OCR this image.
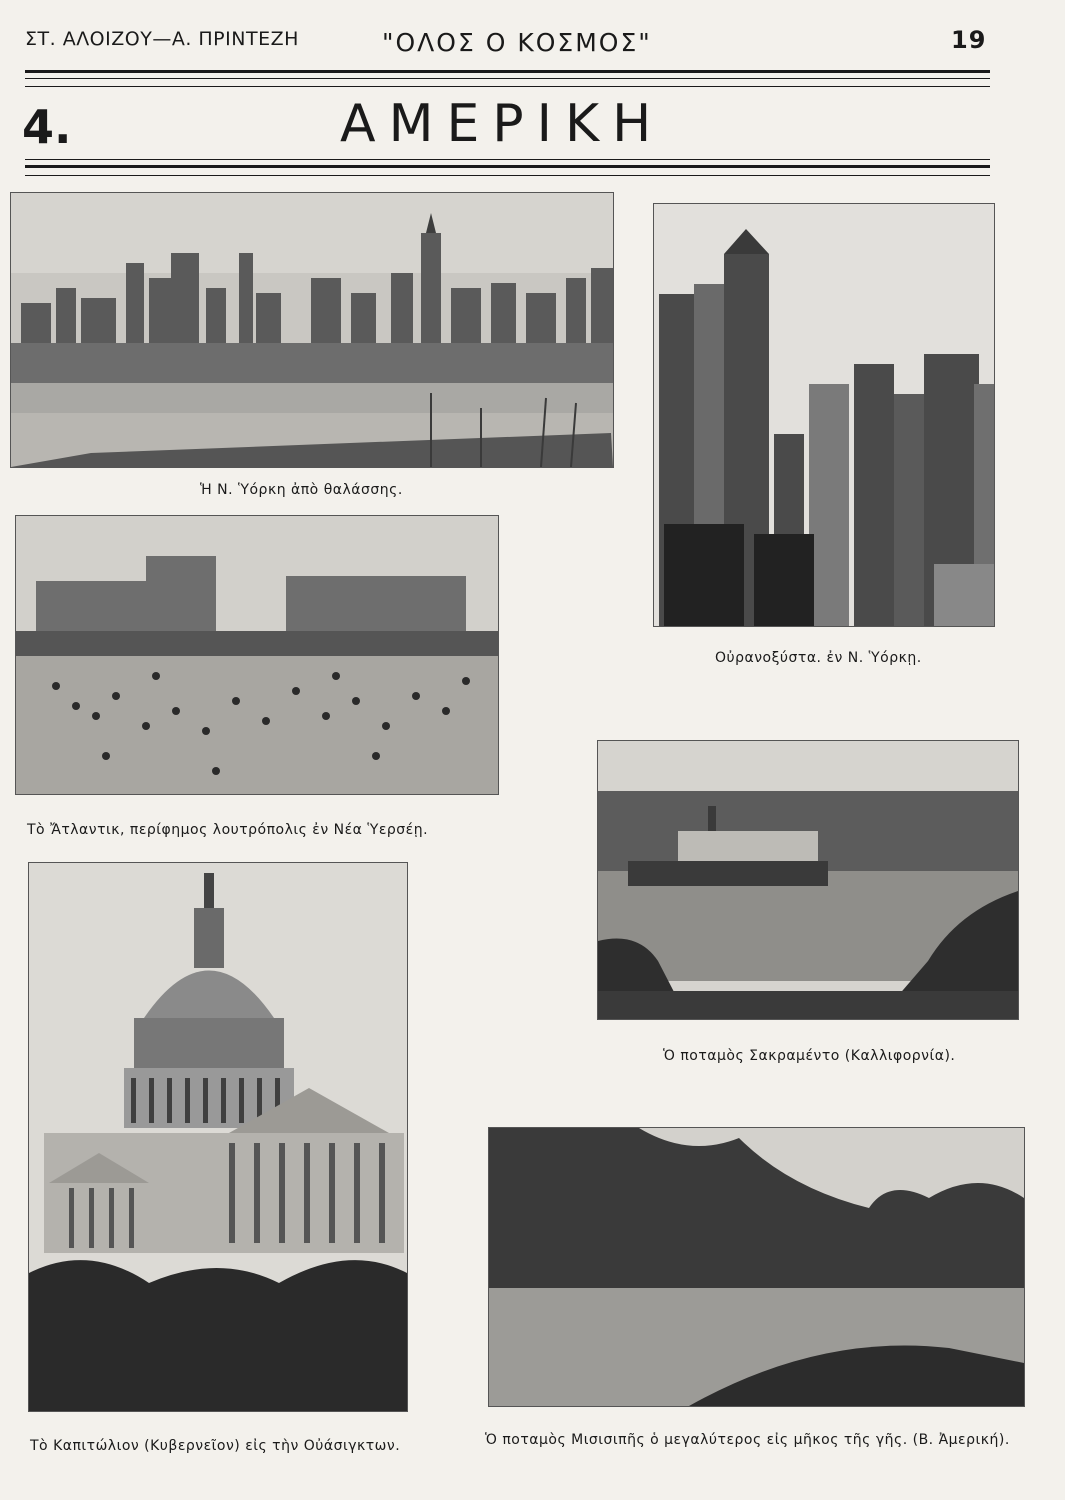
ΣΤ. ΑΛΟΙΖΟΥ—Α. ΠΡΙΝΤΕΖΗ	"ΟΛΟΣ Ο ΚΟΣΜΟΣ"	19
4.	ΑΜΕΡΙΚΗ
Ἡ Ν. Ὑόρκη ἀπὸ θαλάσσης.
Οὐρανοξύστα. ἐν Ν. Ὑόρκῃ.
Τὸ Ἄτλαντικ, περίφημος λουτρόπολις ἐν Νέα Ὑερσέῃ.
Ὁ ποταμὸς Σακραμέντο (Καλλιφορνία).
Τὸ Καπιτώλιον (Κυβερνεῖον) εἰς τὴν Οὐάσιγκτων.	Ὁ ποταμὸς Μισισιπῆς ὁ μεγαλύτερος εἰς μῆκος τῆς γῆς. (Β. Ἀμερική).
